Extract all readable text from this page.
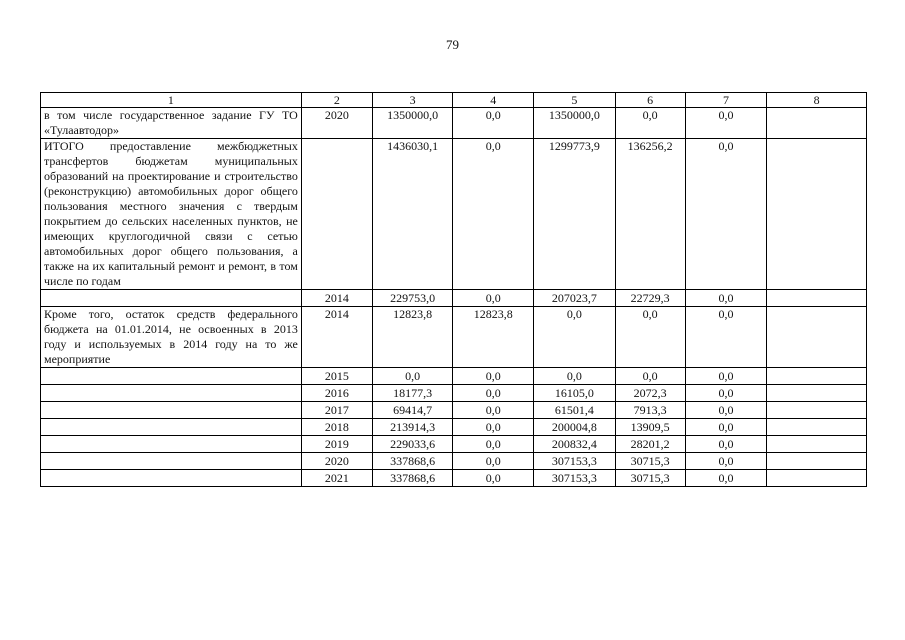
79
1	2	3	4	5	6	7	8
в том числе государственное задание ГУ ТО «Тулаавтодор»	2020	1350000,0	0,0	1350000,0	0,0	0,0	
ИТОГО предоставление межбюджетных трансфертов бюджетам муниципальных образований на проектирование и строительство (реконструкцию) автомобильных дорог общего пользования местного значения с твердым покрытием до сельских населенных пунктов, не имеющих круглогодичной связи с сетью автомобильных дорог общего пользования, а также на их капитальный ремонт и ремонт, в том числе по годам		1436030,1	0,0	1299773,9	136256,2	0,0	
	2014	229753,0	0,0	207023,7	22729,3	0,0	
Кроме того, остаток средств федерального бюджета на 01.01.2014, не освоенных в 2013 году и используемых в 2014 году на то же мероприятие	2014	12823,8	12823,8	0,0	0,0	0,0	
	2015	0,0	0,0	0,0	0,0	0,0	
	2016	18177,3	0,0	16105,0	2072,3	0,0	
	2017	69414,7	0,0	61501,4	7913,3	0,0	
	2018	213914,3	0,0	200004,8	13909,5	0,0	
	2019	229033,6	0,0	200832,4	28201,2	0,0	
	2020	337868,6	0,0	307153,3	30715,3	0,0	
	2021	337868,6	0,0	307153,3	30715,3	0,0	
